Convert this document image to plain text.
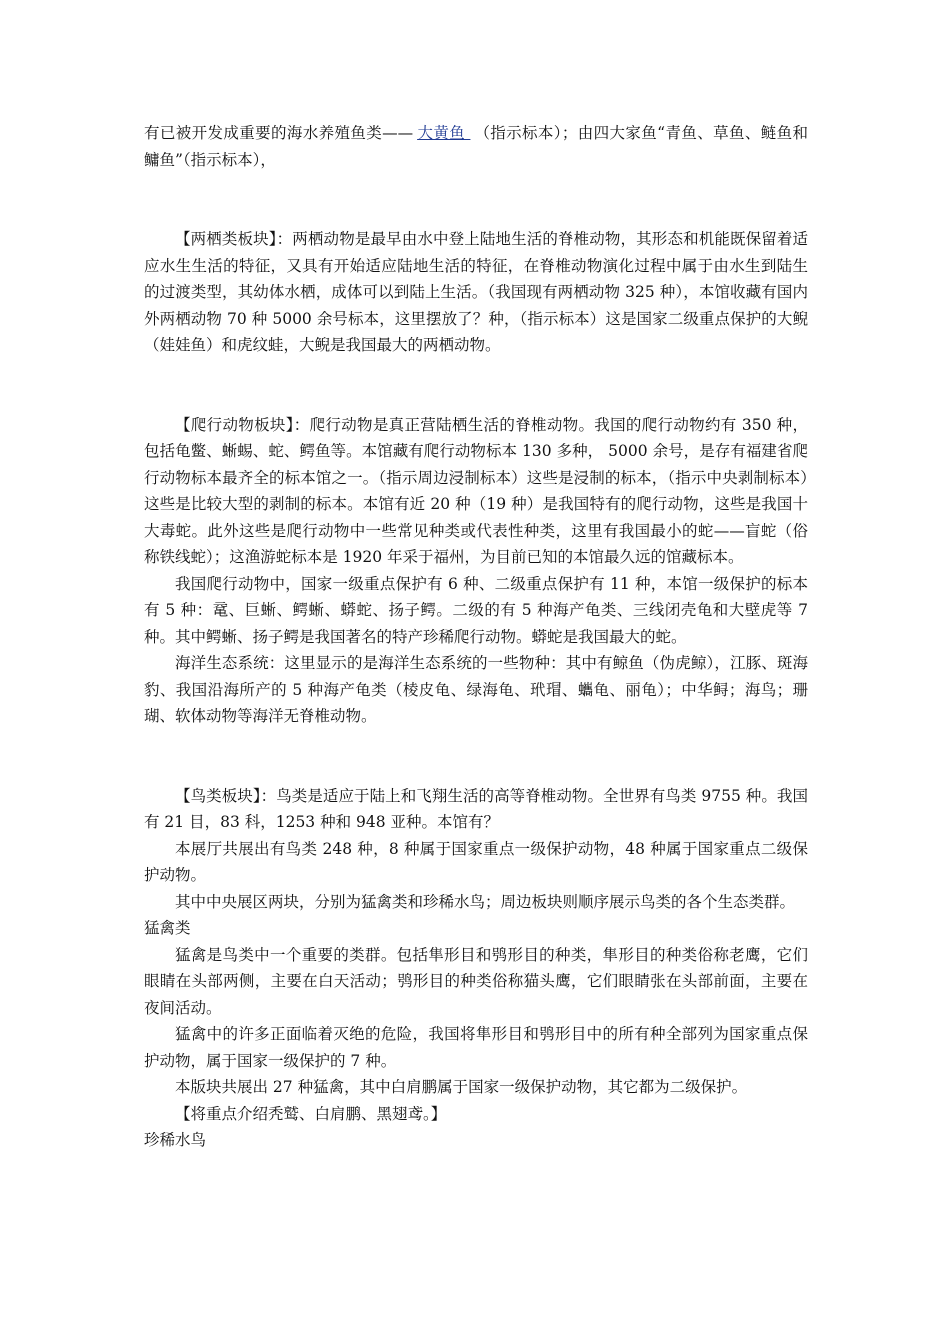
有已被开发成重要的海水养殖鱼类—— 大黄鱼 （指示标本）；由四大家鱼“青鱼、草鱼、鲢鱼和鳙鱼”（指示标本），

【两栖类板块】：两栖动物是最早由水中登上陆地生活的脊椎动物，其形态和机能既保留着适应水生生活的特征，又具有开始适应陆地生活的特征，在脊椎动物演化过程中属于由水生到陆生的过渡类型，其幼体水栖，成体可以到陆上生活。（我国现有两栖动物 325 种），本馆收藏有国内外两栖动物 70 种 5000 余号标本，这里摆放了？种，（指示标本）这是国家二级重点保护的大鲵（娃娃鱼）和虎纹蛙，大鲵是我国最大的两栖动物。

【爬行动物板块】：爬行动物是真正营陆栖生活的脊椎动物。我国的爬行动物约有 350 种，包括龟鳖、蜥蜴、蛇、鳄鱼等。本馆藏有爬行动物标本 130 多种， 5000 余号，是存有福建省爬行动物标本最齐全的标本馆之一。（指示周边浸制标本）这些是浸制的标本，（指示中央剥制标本）这些是比较大型的剥制的标本。本馆有近 20 种（19 种）是我国特有的爬行动物，这些是我国十大毒蛇。此外这些是爬行动物中一些常见种类或代表性种类，这里有我国最小的蛇——盲蛇（俗称铁线蛇）；这渔游蛇标本是 1920 年采于福州，为目前已知的本馆最久远的馆藏标本。

我国爬行动物中，国家一级重点保护有 6 种、二级重点保护有 11 种，本馆一级保护的标本有 5 种：鼋、巨蜥、鳄蜥、蟒蛇、扬子鳄。二级的有 5 种海产龟类、三线闭壳龟和大壁虎等 7 种。其中鳄蜥、扬子鳄是我国著名的特产珍稀爬行动物。蟒蛇是我国最大的蛇。

海洋生态系统：这里显示的是海洋生态系统的一些物种：其中有鲸鱼（伪虎鲸），江豚、斑海豹、我国沿海所产的 5 种海产龟类（棱皮龟、绿海龟、玳瑁、蠵龟、丽龟）；中华鲟；海鸟；珊瑚、软体动物等海洋无脊椎动物。

【鸟类板块】：鸟类是适应于陆上和飞翔生活的高等脊椎动物。全世界有鸟类 9755 种。我国有 21 目，83 科，1253 种和 948 亚种。本馆有？

本展厅共展出有鸟类 248 种，8 种属于国家重点一级保护动物，48 种属于国家重点二级保护动物。

其中中央展区两块，分别为猛禽类和珍稀水鸟；周边板块则顺序展示鸟类的各个生态类群。

猛禽类

猛禽是鸟类中一个重要的类群。包括隼形目和鸮形目的种类，隼形目的种类俗称老鹰，它们眼睛在头部两侧，主要在白天活动；鸮形目的种类俗称猫头鹰，它们眼睛张在头部前面，主要在夜间活动。

猛禽中的许多正面临着灭绝的危险，我国将隼形目和鸮形目中的所有种全部列为国家重点保护动物，属于国家一级保护的 7 种。

本版块共展出 27 种猛禽，其中白肩鹏属于国家一级保护动物，其它都为二级保护。

【将重点介绍秃鹫、白肩鹏、黑翅鸢。】

珍稀水鸟
